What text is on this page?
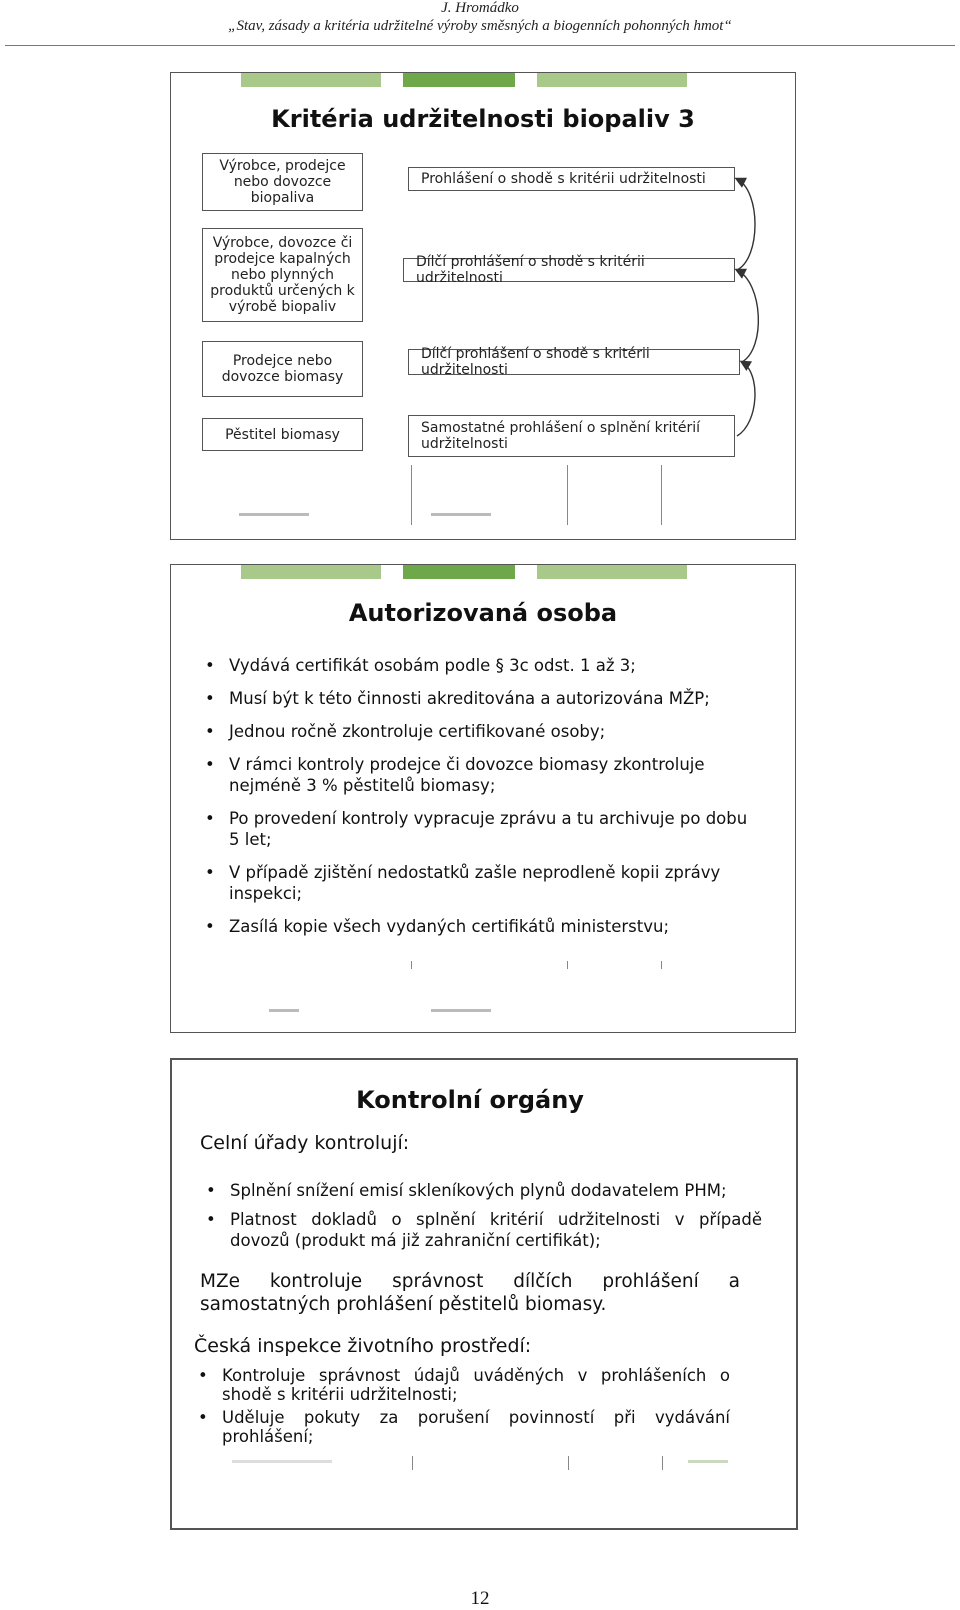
J. Hromádko
„Stav, zásady a kritéria udržitelné výroby směsných a biogenních pohonných hmot“
Kritéria udržitelnosti biopaliv 3
Výrobce, prodejce nebo dovozce biopaliva
Prohlášení o shodě s kritérii udržitelnosti
Výrobce, dovozce či prodejce kapalných nebo plynných produktů určených k výrobě biopaliv
Dílčí prohlášení o shodě s kritérii udržitelnosti
Prodejce nebo dovozce biomasy
Dílčí prohlášení o shodě s kritérii udržitelnosti
Pěstitel biomasy	Samostatné prohlášení o splnění kritérií udržitelnosti
Autorizovaná osoba
• Vydává certifikát osobám podle § 3c odst. 1 až 3;
• Musí být k této činnosti akreditována a autorizována MŽP;
• Jednou ročně zkontroluje certifikované osoby;
• V rámci kontroly prodejce či dovozce biomasy zkontroluje nejméně 3 % pěstitelů biomasy;
• Po provedení kontroly vypracuje zprávu a tu archivuje po dobu 5 let;
• V případě zjištění nedostatků zašle neprodleně kopii zprávy inspekci;
• Zasílá kopie všech vydaných certifikátů ministerstvu;
Kontrolní orgány
Celní úřady kontrolují:
• Splnění snížení emisí skleníkových plynů dodavatelem PHM;
• Platnost dokladů o splnění kritérií udržitelnosti v případě dovozů (produkt má již zahraniční certifikát);

MZe kontroluje správnost dílčích prohlášení a samostatných prohlášení pěstitelů biomasy.

Česká inspekce životního prostředí:
• Kontroluje správnost údajů uváděných v prohlášeních o shodě s kritérii udržitelnosti;
• Uděluje pokuty za porušení povinností při vydávání prohlášení;
12
